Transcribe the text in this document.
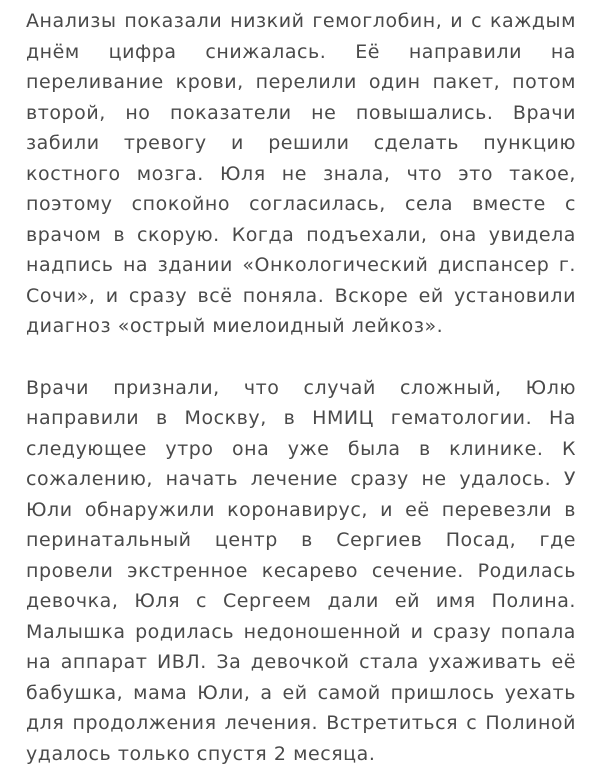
Анализы показали низкий гемоглобин, и с каждым днём цифра снижалась. Её направили на переливание крови, перелили один пакет, потом второй, но показатели не повышались. Врачи забили тревогу и решили сделать пункцию костного мозга. Юля не знала, что это такое, поэтому спокойно согласилась, села вместе с врачом в скорую. Когда подъехали, она увидела надпись на здании «Онкологический диспансер г. Сочи», и сразу всё поняла. Вскоре ей установили диагноз «острый миелоидный лейкоз».

Врачи признали, что случай сложный, Юлю направили в Москву, в НМИЦ гематологии. На следующее утро она уже была в клинике. К сожалению, начать лечение сразу не удалось. У Юли обнаружили коронавирус, и её перевезли в перинатальный центр в Сергиев Посад, где провели экстренное кесарево сечение. Родилась девочка, Юля с Сергеем дали ей имя Полина. Малышка родилась недоношенной и сразу попала на аппарат ИВЛ. За девочкой стала ухаживать её бабушка, мама Юли, а ей самой пришлось уехать для продолжения лечения. Встретиться с Полиной удалось только спустя 2 месяца.
